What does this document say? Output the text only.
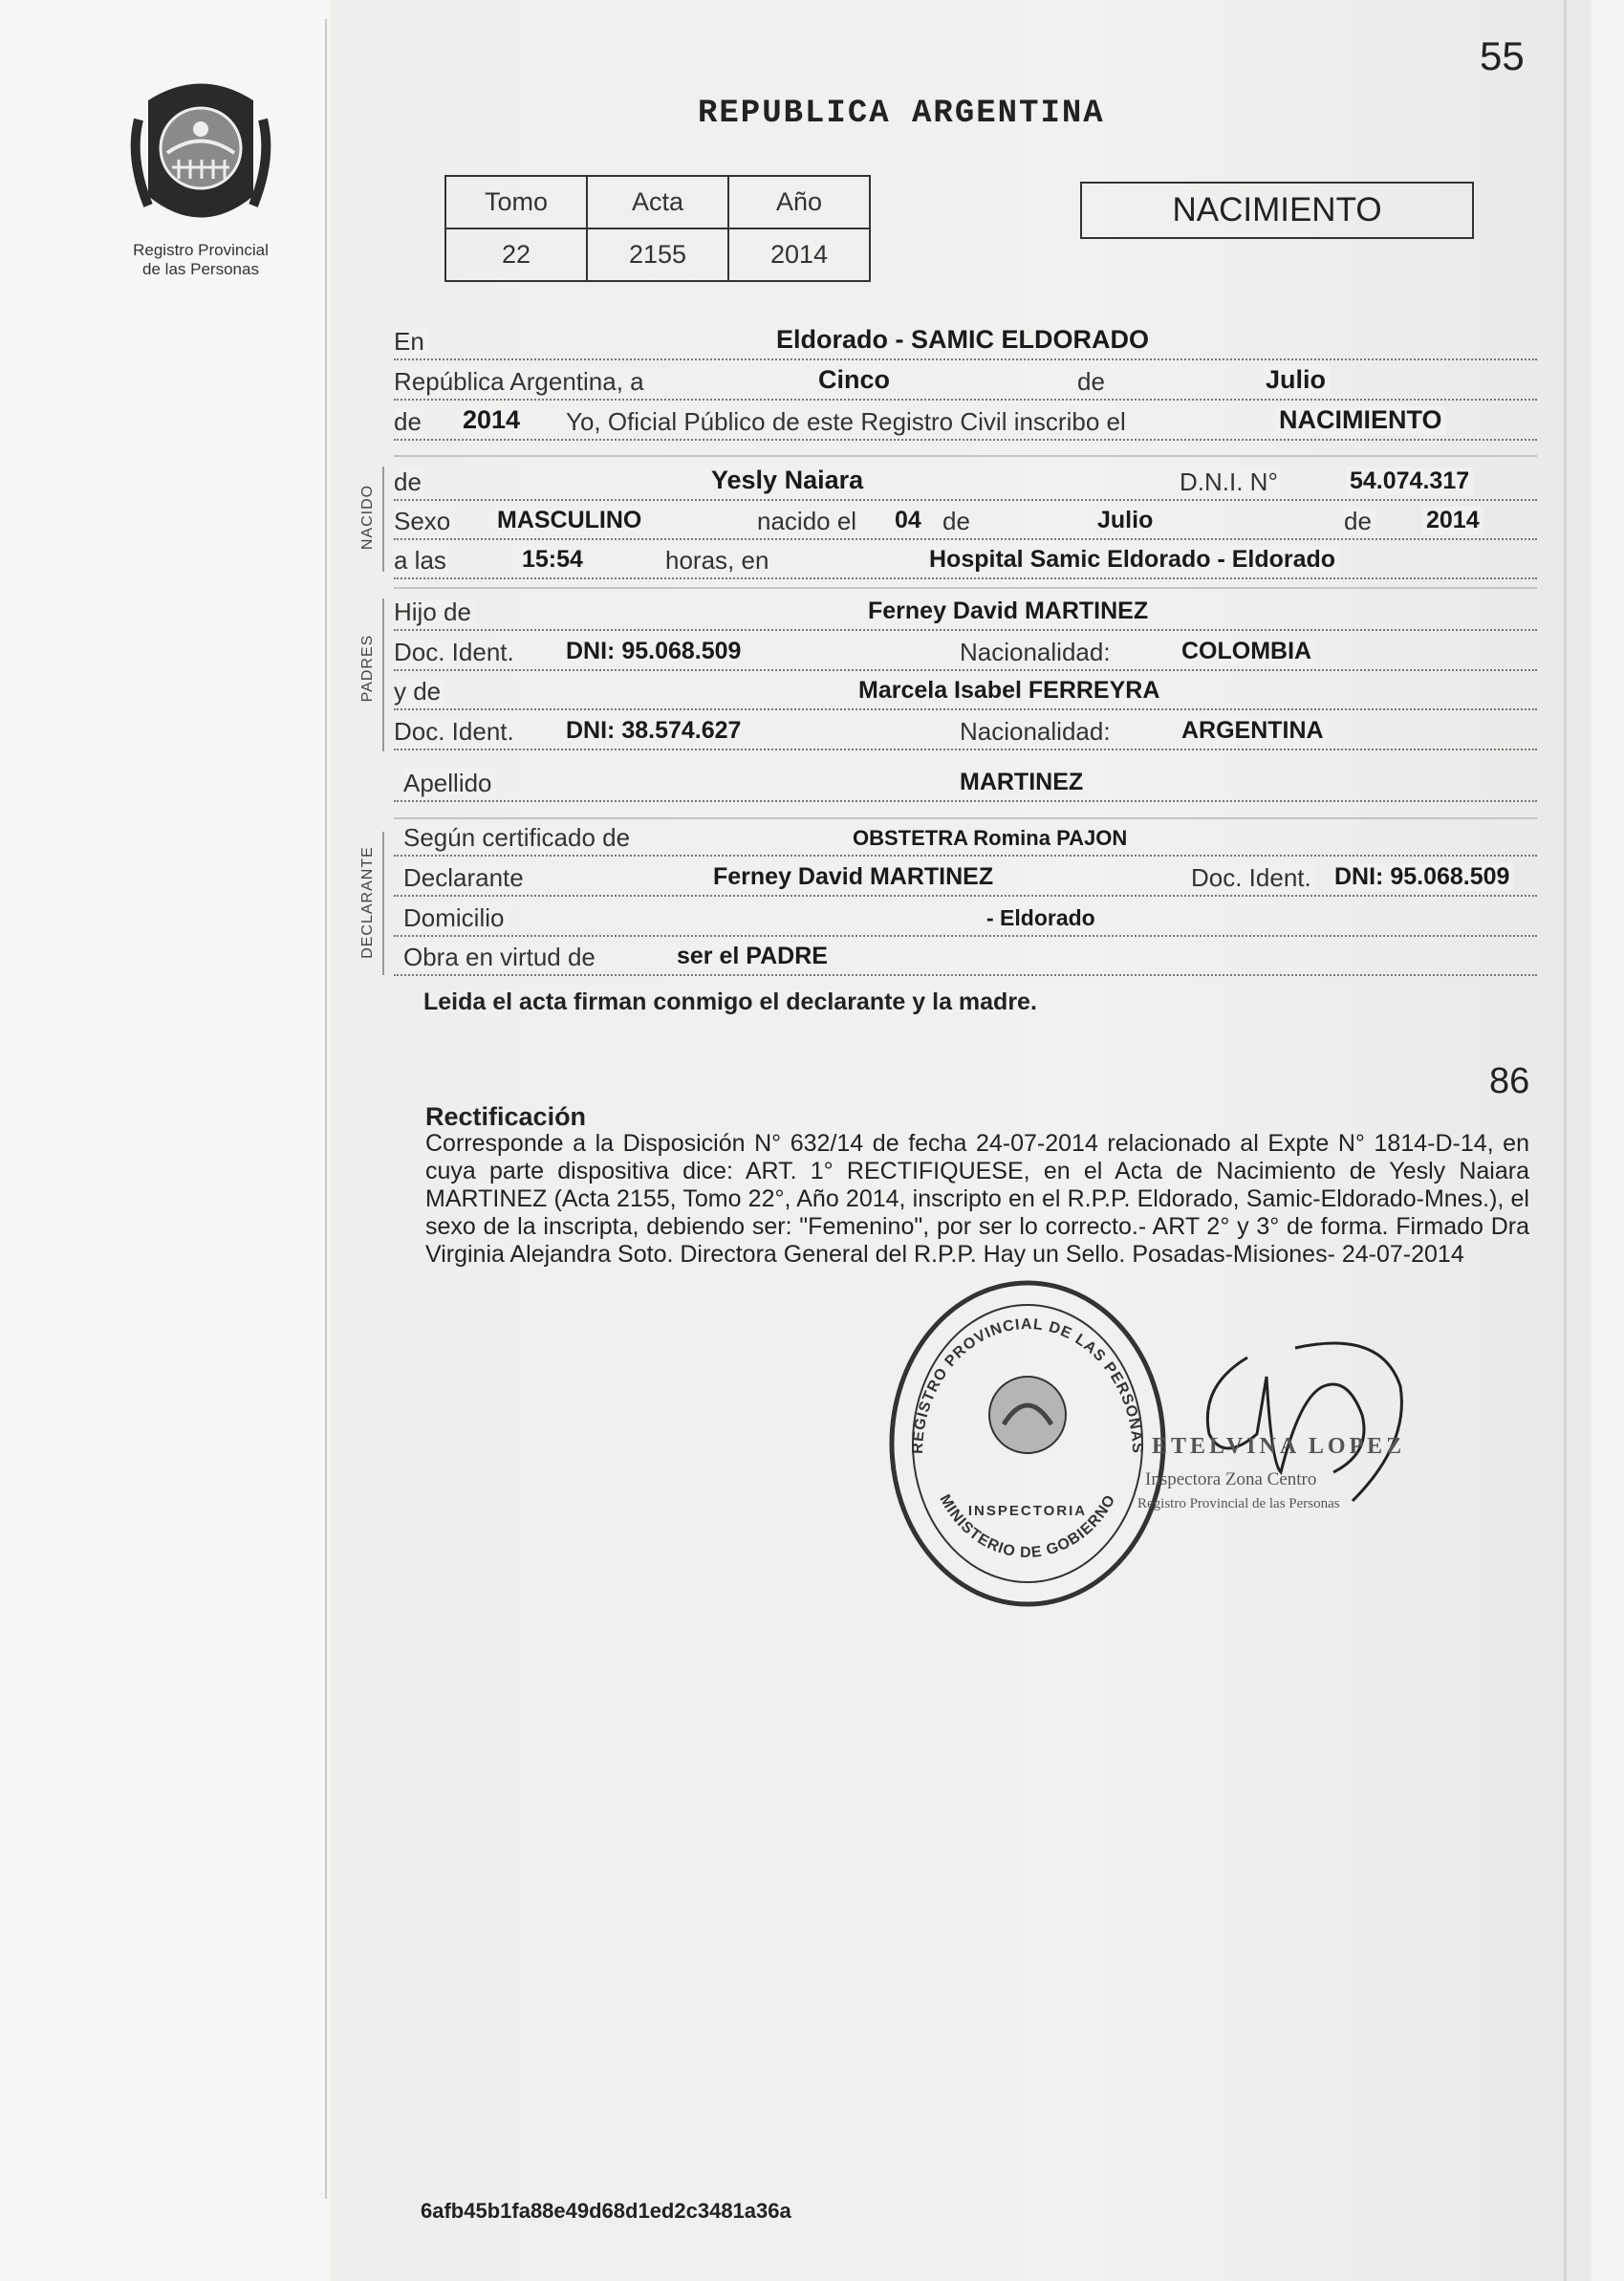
Registro Provincial
de las Personas
55
REPUBLICA ARGENTINA
Tomo	Acta	Año
22	2155	2014
NACIMIENTO
En	Eldorado - SAMIC ELDORADO
República Argentina, a	Cinco	de	Julio
de 2014 Yo, Oficial Público de este Registro Civil inscribo el	NACIMIENTO
NACIDO
de	Yesly Naiara	D.N.I. N°	54.074.317
Sexo MASCULINO	nacido el 04 de	Julio	de 2014
a las	15:54	horas, en	Hospital Samic Eldorado - Eldorado
PADRES
Hijo de	Ferney David MARTINEZ
Doc. Ident. DNI: 95.068.509	Nacionalidad:	COLOMBIA
y de	Marcela Isabel FERREYRA
Doc. Ident. DNI: 38.574.627	Nacionalidad:	ARGENTINA
Apellido	MARTINEZ
DECLARANTE
Según certificado de	OBSTETRA Romina PAJON
Declarante	Ferney David MARTINEZ	Doc. Ident. DNI: 95.068.509
Domicilio	- Eldorado
Obra en virtud de	ser el PADRE
Leida el acta firman conmigo el declarante y la madre.
86
Rectificación
Corresponde a la Disposición N° 632/14 de fecha 24-07-2014 relacionado al Expte N° 1814-D-14, en cuya parte dispositiva dice: ART. 1° RECTIFIQUESE, en el Acta de Nacimiento de Yesly Naiara MARTINEZ (Acta 2155, Tomo 22°, Año 2014, inscripto en el R.P.P. Eldorado, Samic-Eldorado-Mnes.), el sexo de la inscripta, debiendo ser: "Femenino", por ser lo correcto.- ART 2° y 3° de forma. Firmado Dra Virginia Alejandra Soto. Directora General del R.P.P. Hay un Sello. Posadas-Misiones- 24-07-2014
REGISTRO PROVINCIAL DE LAS PERSONAS
MINISTERIO DE GOBIERNO
INSPECTORIA
ETELVINA LOPEZ
Inspectora Zona Centro
Registro Provincial de las Personas
6afb45b1fa88e49d68d1ed2c3481a36a
